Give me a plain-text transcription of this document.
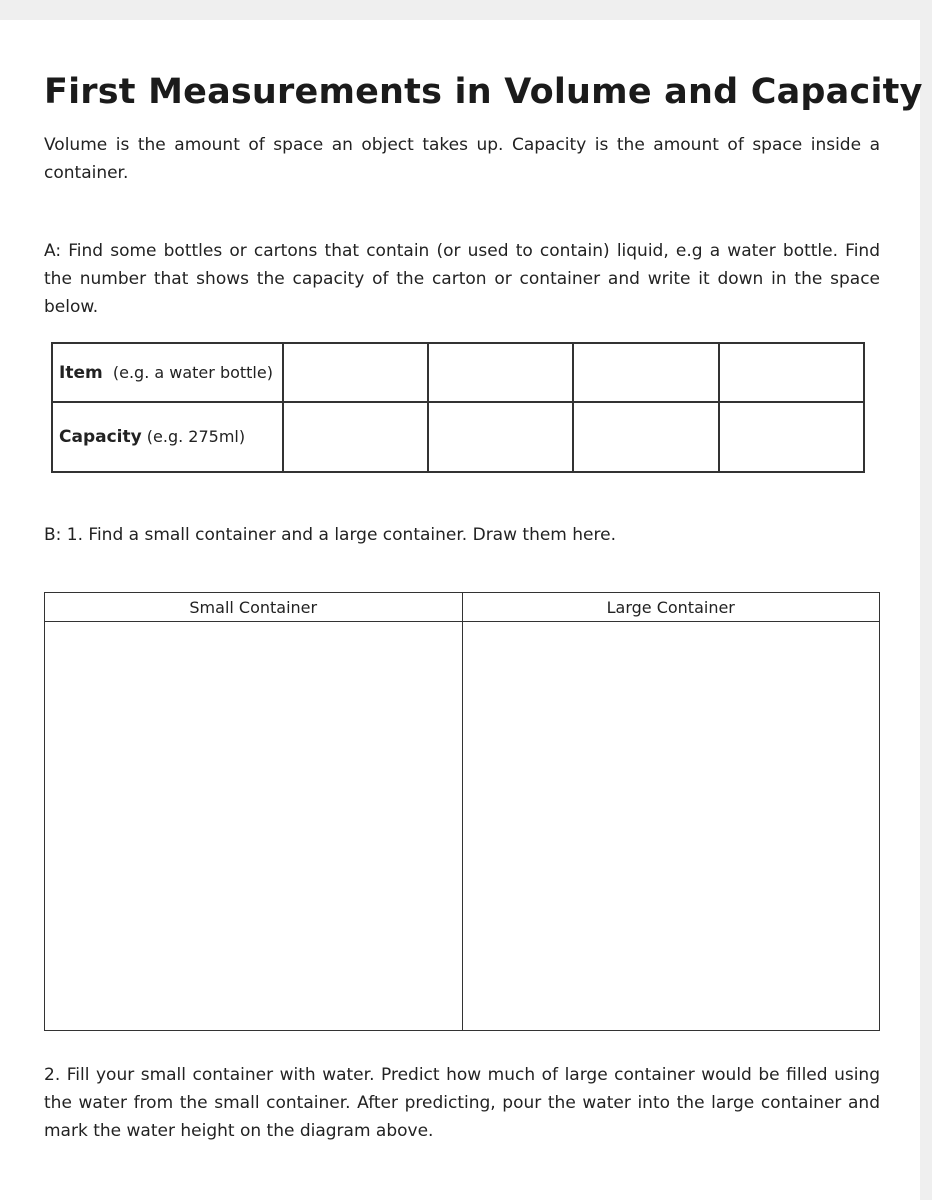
First Measurements in Volume and Capacity

Volume is the amount of space an object takes up. Capacity is the amount of space inside a container.

A: Find some bottles or cartons that contain (or used to contain) liquid, e.g a water bottle. Find the number that shows the capacity of the carton or container and write it down in the space below.

Item (e.g. a water bottle)				
Capacity (e.g. 275ml)				

B: 1. Find a small container and a large container. Draw them here.

Small Container	Large Container

2. Fill your small container with water. Predict how much of large container would be filled using the water from the small container. After predicting, pour the water into the large container and mark the water height on the diagram above.
